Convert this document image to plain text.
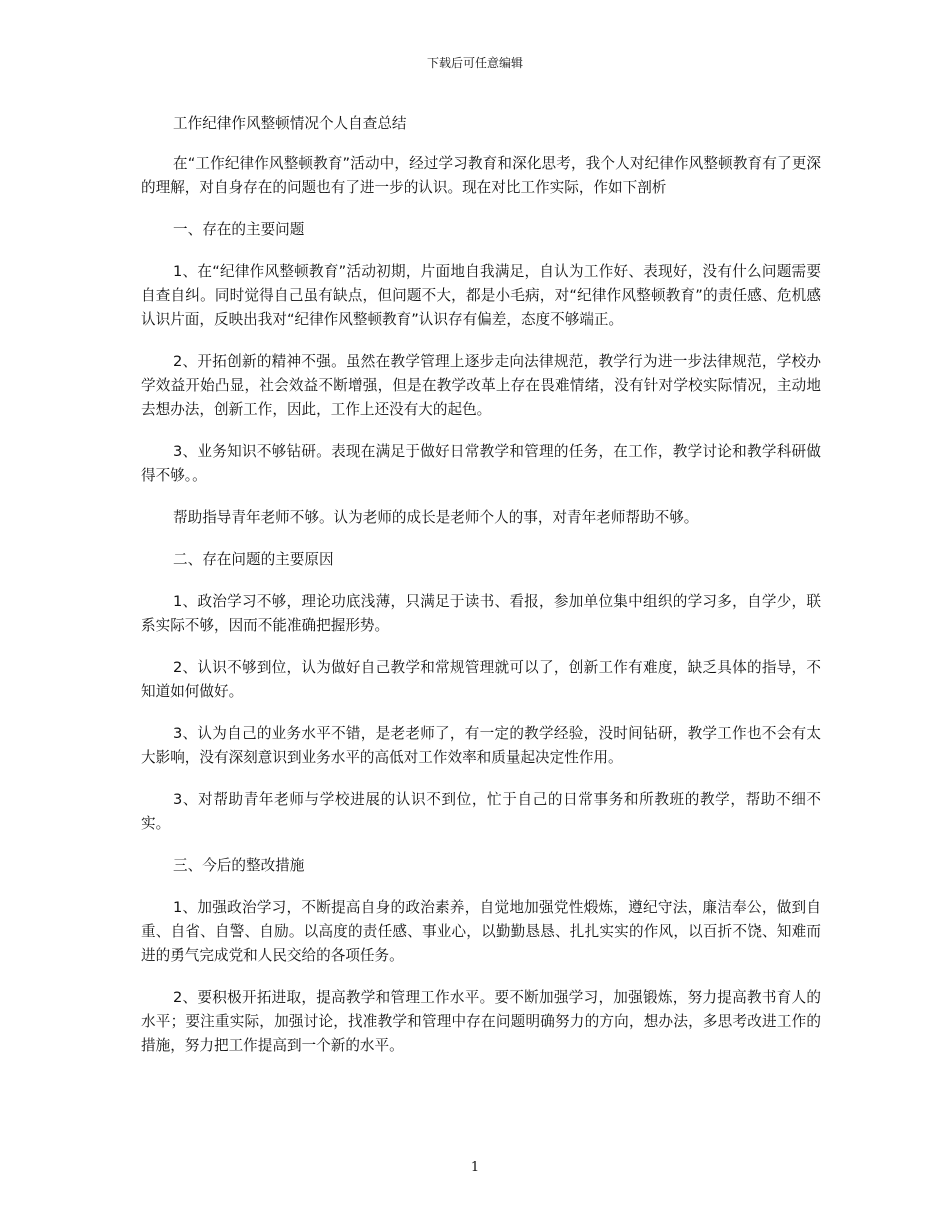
下载后可任意编辑

工作纪律作风整顿情况个人自查总结

在“工作纪律作风整顿教育”活动中，经过学习教育和深化思考，我个人对纪律作风整顿教育有了更深的理解，对自身存在的问题也有了进一步的认识。现在对比工作实际，作如下剖析

一、存在的主要问题

1、在“纪律作风整顿教育”活动初期，片面地自我满足，自认为工作好、表现好，没有什么问题需要自查自纠。同时觉得自己虽有缺点，但问题不大，都是小毛病，对“纪律作风整顿教育”的责任感、危机感认识片面，反映出我对“纪律作风整顿教育”认识存有偏差，态度不够端正。

2、开拓创新的精神不强。虽然在教学管理上逐步走向法律规范，教学行为进一步法律规范，学校办学效益开始凸显，社会效益不断增强，但是在教学改革上存在畏难情绪，没有针对学校实际情况，主动地去想办法，创新工作，因此，工作上还没有大的起色。

3、业务知识不够钻研。表现在满足于做好日常教学和管理的任务，在工作，教学讨论和教学科研做得不够。。

帮助指导青年老师不够。认为老师的成长是老师个人的事，对青年老师帮助不够。

二、存在问题的主要原因

1、政治学习不够，理论功底浅薄，只满足于读书、看报，参加单位集中组织的学习多，自学少，联系实际不够，因而不能准确把握形势。

2、认识不够到位，认为做好自己教学和常规管理就可以了，创新工作有难度，缺乏具体的指导，不知道如何做好。

3、认为自己的业务水平不错，是老老师了，有一定的教学经验，没时间钻研，教学工作也不会有太大影响，没有深刻意识到业务水平的高低对工作效率和质量起决定性作用。

3、对帮助青年老师与学校进展的认识不到位，忙于自己的日常事务和所教班的教学，帮助不细不实。

三、今后的整改措施

1、加强政治学习，不断提高自身的政治素养，自觉地加强党性煅炼，遵纪守法，廉洁奉公，做到自重、自省、自警、自励。以高度的责任感、事业心，以勤勤恳恳、扎扎实实的作风，以百折不饶、知难而进的勇气完成党和人民交给的各项任务。

2、要积极开拓进取，提高教学和管理工作水平。要不断加强学习，加强锻炼，努力提高教书育人的水平；要注重实际，加强讨论，找准教学和管理中存在问题明确努力的方向，想办法，多思考改进工作的措施，努力把工作提高到一个新的水平。

1
